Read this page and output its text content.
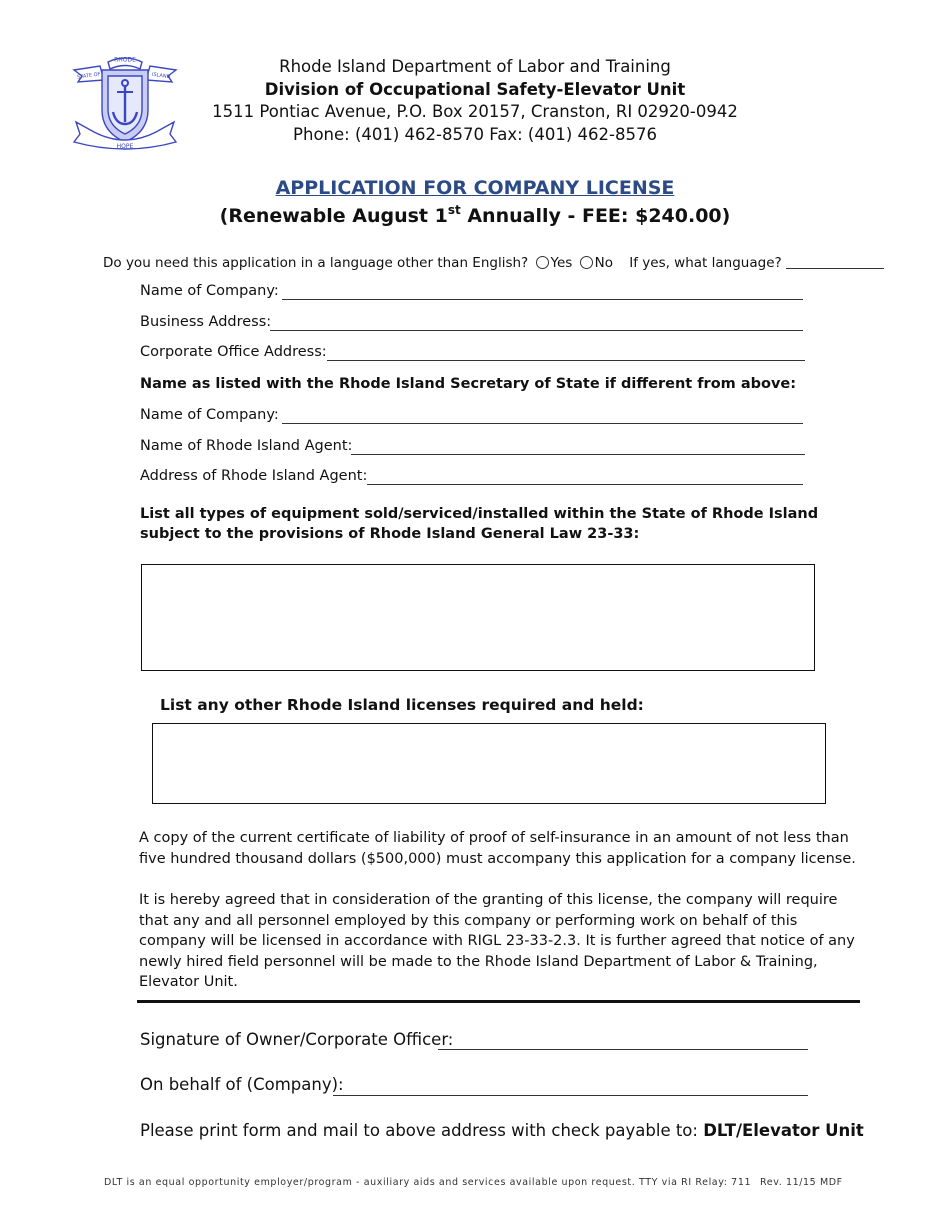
RHODE
STATE OF	ISLAND
HOPE
Rhode Island Department of Labor and Training
Division of Occupational Safety-Elevator Unit
1511 Pontiac Avenue, P.O. Box 20157, Cranston, RI 02920-0942
Phone: (401) 462-8570 Fax: (401) 462-8576
APPLICATION FOR COMPANY LICENSE
(Renewable August 1st Annually - FEE: $240.00)
Do you need this application in a language other than English? Yes No If yes, what language?
Name of Company:
Business Address:
Corporate Office Address:
Name as listed with the Rhode Island Secretary of State if different from above:
Name of Company:
Name of Rhode Island Agent:
Address of Rhode Island Agent:
List all types of equipment sold/serviced/installed within the State of Rhode Island
subject to the provisions of Rhode Island General Law 23-33:
List any other Rhode Island licenses required and held:
A copy of the current certificate of liability of proof of self-insurance in an amount of not less than five hundred thousand dollars ($500,000) must accompany this application for a company license.
It is hereby agreed that in consideration of the granting of this license, the company will require that any and all personnel employed by this company or performing work on behalf of this company will be licensed in accordance with RIGL 23-33-2.3. It is further agreed that notice of any newly hired field personnel will be made to the Rhode Island Department of Labor & Training, Elevator Unit.
Signature of Owner/Corporate Officer:
On behalf of (Company):
Please print form and mail to above address with check payable to: DLT/Elevator Unit
DLT is an equal opportunity employer/program - auxiliary aids and services available upon request. TTY via RI Relay: 711 Rev. 11/15 MDF
